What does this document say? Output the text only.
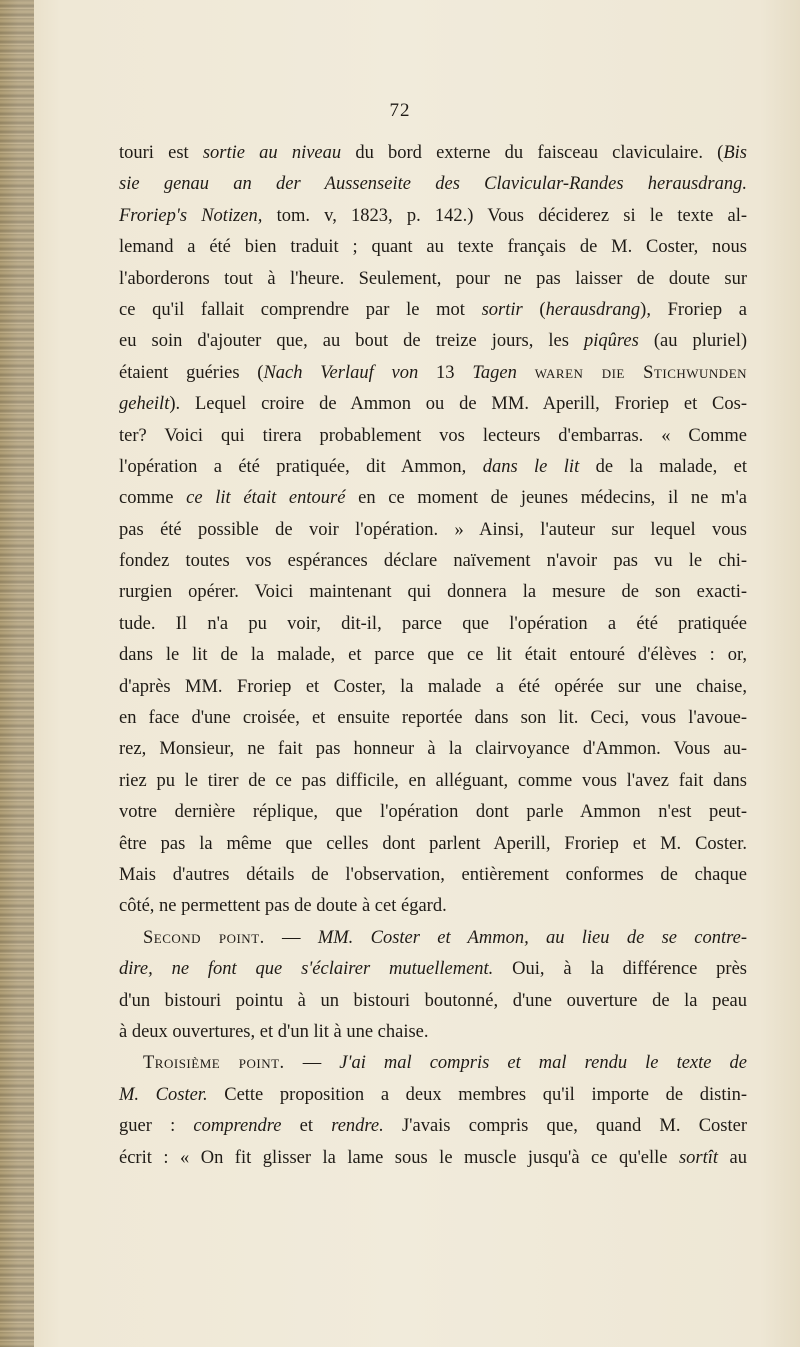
72
touri est sortie au niveau du bord externe du faisceau claviculaire. (Bis
sie genau an der Aussenseite des Clavicular-Randes herausdrang.
Froriep's Notizen, tom. v, 1823, p. 142.) Vous déciderez si le texte al-
lemand a été bien traduit ; quant au texte français de M. Coster, nous
l'aborderons tout à l'heure. Seulement, pour ne pas laisser de doute sur
ce qu'il fallait comprendre par le mot sortir (herausdrang), Froriep a
eu soin d'ajouter que, au bout de treize jours, les piqûres (au pluriel)
étaient guéries (Nach Verlauf von 13 Tagen waren die Stichwunden
geheilt). Lequel croire de Ammon ou de MM. Aperill, Froriep et Cos-
ter? Voici qui tirera probablement vos lecteurs d'embarras. « Comme
l'opération a été pratiquée, dit Ammon, dans le lit de la malade, et
comme ce lit était entouré en ce moment de jeunes médecins, il ne m'a
pas été possible de voir l'opération. » Ainsi, l'auteur sur lequel vous
fondez toutes vos espérances déclare naïvement n'avoir pas vu le chi-
rurgien opérer. Voici maintenant qui donnera la mesure de son exacti-
tude. Il n'a pu voir, dit-il, parce que l'opération a été pratiquée
dans le lit de la malade, et parce que ce lit était entouré d'élèves : or,
d'après MM. Froriep et Coster, la malade a été opérée sur une chaise,
en face d'une croisée, et ensuite reportée dans son lit. Ceci, vous l'avoue-
rez, Monsieur, ne fait pas honneur à la clairvoyance d'Ammon. Vous au-
riez pu le tirer de ce pas difficile, en alléguant, comme vous l'avez fait dans
votre dernière réplique, que l'opération dont parle Ammon n'est peut-
être pas la même que celles dont parlent Aperill, Froriep et M. Coster.
Mais d'autres détails de l'observation, entièrement conformes de chaque
côté, ne permettent pas de doute à cet égard.
Second point. — MM. Coster et Ammon, au lieu de se contre-
dire, ne font que s'éclairer mutuellement. Oui, à la différence près
d'un bistouri pointu à un bistouri boutonné, d'une ouverture de la peau
à deux ouvertures, et d'un lit à une chaise.
Troisième point. — J'ai mal compris et mal rendu le texte de
M. Coster. Cette proposition a deux membres qu'il importe de distin-
guer : comprendre et rendre. J'avais compris que, quand M. Coster
écrit : « On fit glisser la lame sous le muscle jusqu'à ce qu'elle sortît au
